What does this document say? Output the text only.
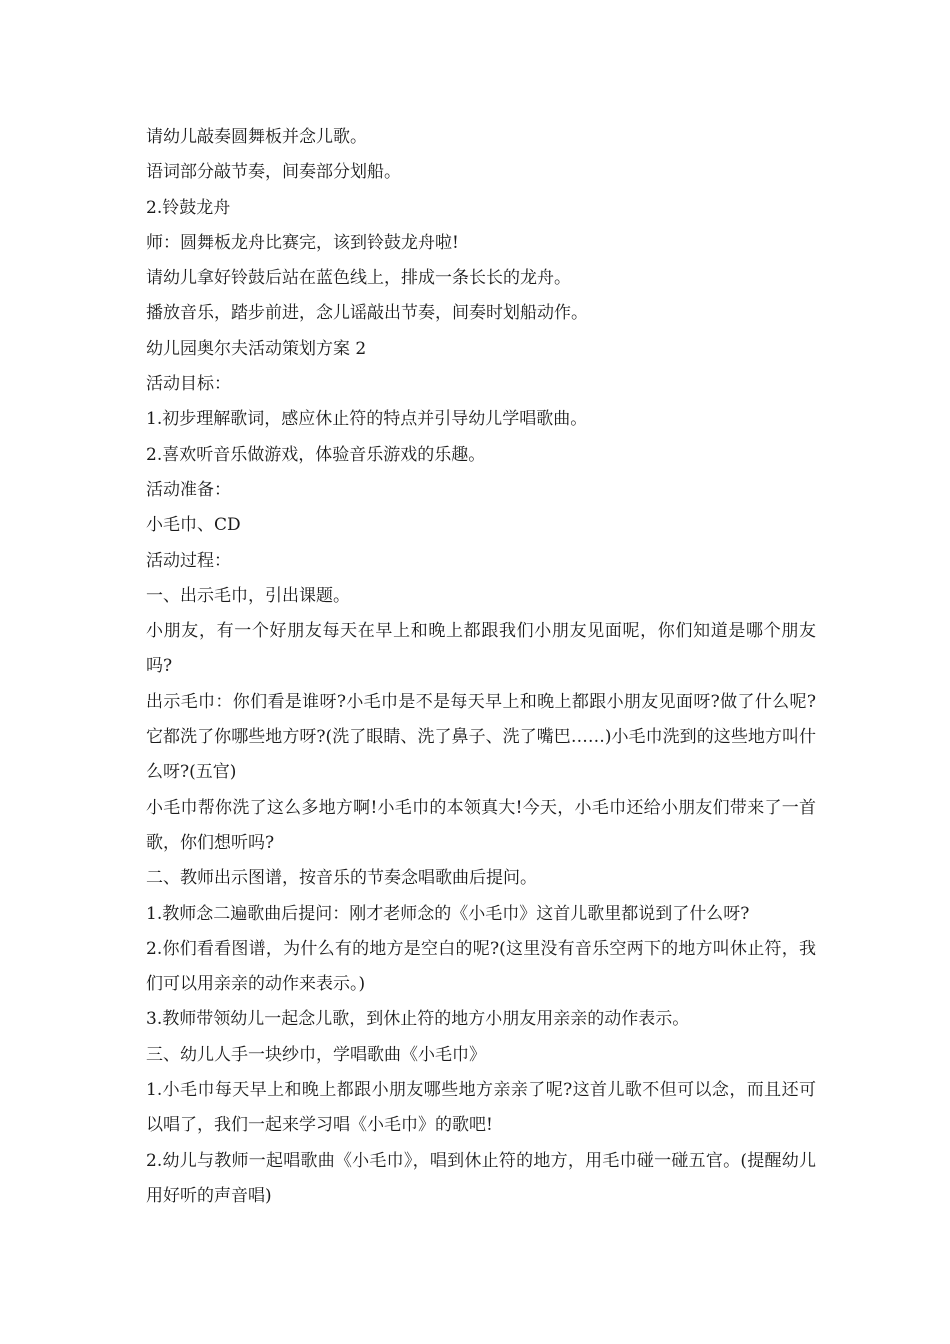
请幼儿敲奏圆舞板并念儿歌。

语词部分敲节奏，间奏部分划船。

2.铃鼓龙舟

师：圆舞板龙舟比赛完，该到铃鼓龙舟啦!

请幼儿拿好铃鼓后站在蓝色线上，排成一条长长的龙舟。

播放音乐，踏步前进，念儿谣敲出节奏，间奏时划船动作。

幼儿园奥尔夫活动策划方案 2

活动目标：

1.初步理解歌词，感应休止符的特点并引导幼儿学唱歌曲。

2.喜欢听音乐做游戏，体验音乐游戏的乐趣。

活动准备：

小毛巾、CD

活动过程：

一、出示毛巾，引出课题。

小朋友，有一个好朋友每天在早上和晚上都跟我们小朋友见面呢，你们知道是哪个朋友吗?

出示毛巾：你们看是谁呀?小毛巾是不是每天早上和晚上都跟小朋友见面呀?做了什么呢?它都洗了你哪些地方呀?(洗了眼睛、洗了鼻子、洗了嘴巴……)小毛巾洗到的这些地方叫什么呀?(五官)

小毛巾帮你洗了这么多地方啊!小毛巾的本领真大!今天，小毛巾还给小朋友们带来了一首歌，你们想听吗?

二、教师出示图谱，按音乐的节奏念唱歌曲后提问。

1.教师念二遍歌曲后提问：刚才老师念的《小毛巾》这首儿歌里都说到了什么呀?

2.你们看看图谱，为什么有的地方是空白的呢?(这里没有音乐空两下的地方叫休止符，我们可以用亲亲的动作来表示。)

3.教师带领幼儿一起念儿歌，到休止符的地方小朋友用亲亲的动作表示。

三、幼儿人手一块纱巾，学唱歌曲《小毛巾》

1.小毛巾每天早上和晚上都跟小朋友哪些地方亲亲了呢?这首儿歌不但可以念，而且还可以唱了，我们一起来学习唱《小毛巾》的歌吧!

2.幼儿与教师一起唱歌曲《小毛巾》，唱到休止符的地方，用毛巾碰一碰五官。(提醒幼儿用好听的声音唱)
